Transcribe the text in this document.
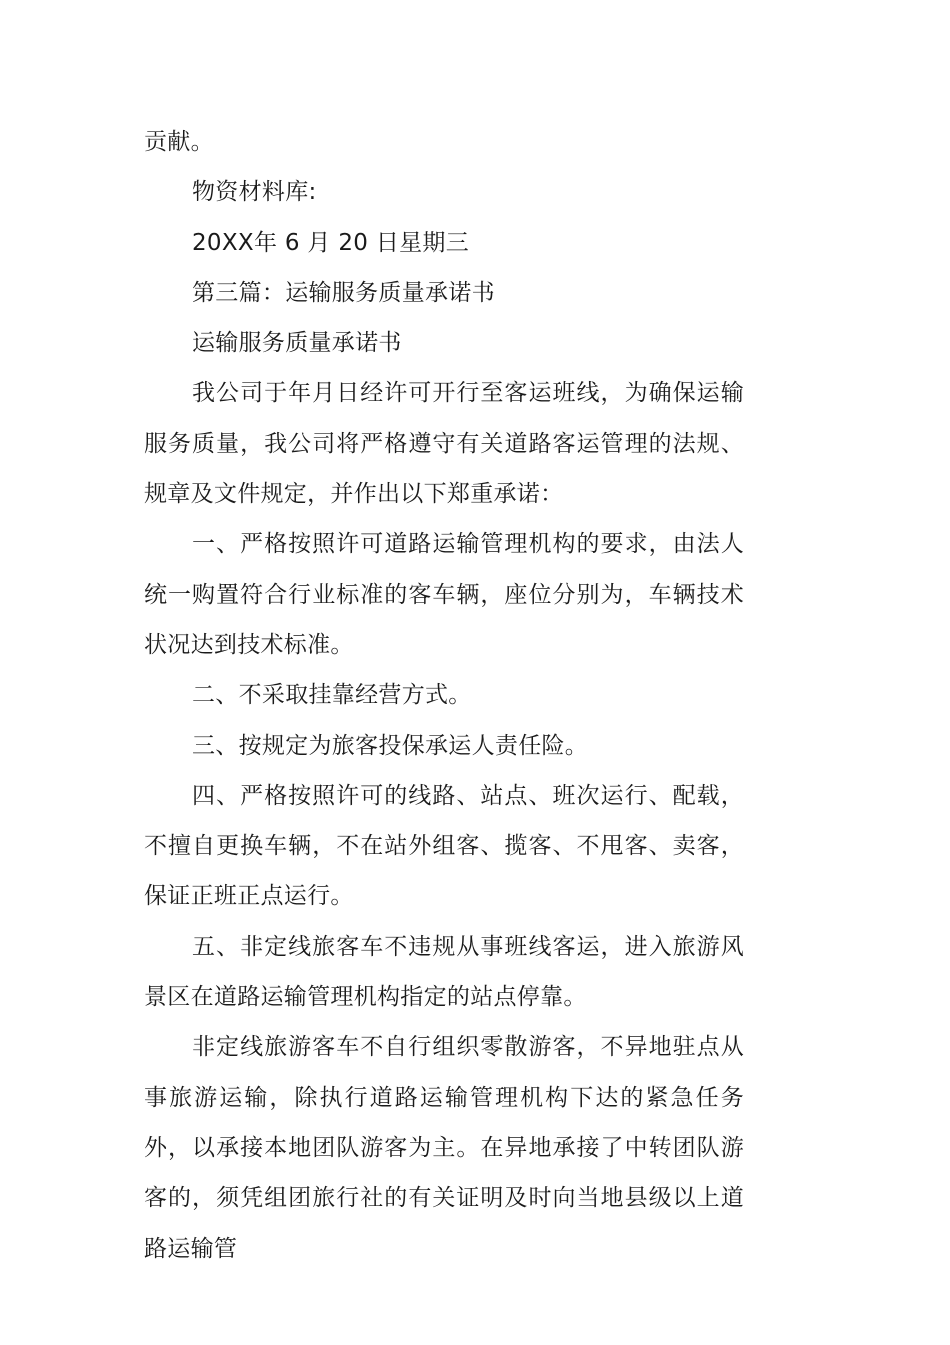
贡献。

物资材料库:

20XX年 6 月 20 日星期三

第三篇：运输服务质量承诺书

运输服务质量承诺书

我公司于年月日经许可开行至客运班线，为确保运输服务质量，我公司将严格遵守有关道路客运管理的法规、规章及文件规定，并作出以下郑重承诺：

一、严格按照许可道路运输管理机构的要求，由法人统一购置符合行业标准的客车辆，座位分别为，车辆技术状况达到技术标准。

二、不采取挂靠经营方式。

三、按规定为旅客投保承运人责任险。

四、严格按照许可的线路、站点、班次运行、配载，不擅自更换车辆，不在站外组客、揽客、不甩客、卖客，保证正班正点运行。

五、非定线旅客车不违规从事班线客运，进入旅游风景区在道路运输管理机构指定的站点停靠。

非定线旅游客车不自行组织零散游客，不异地驻点从事旅游运输，除执行道路运输管理机构下达的紧急任务外，以承接本地团队游客为主。在异地承接了中转团队游客的，须凭组团旅行社的有关证明及时向当地县级以上道路运输管
